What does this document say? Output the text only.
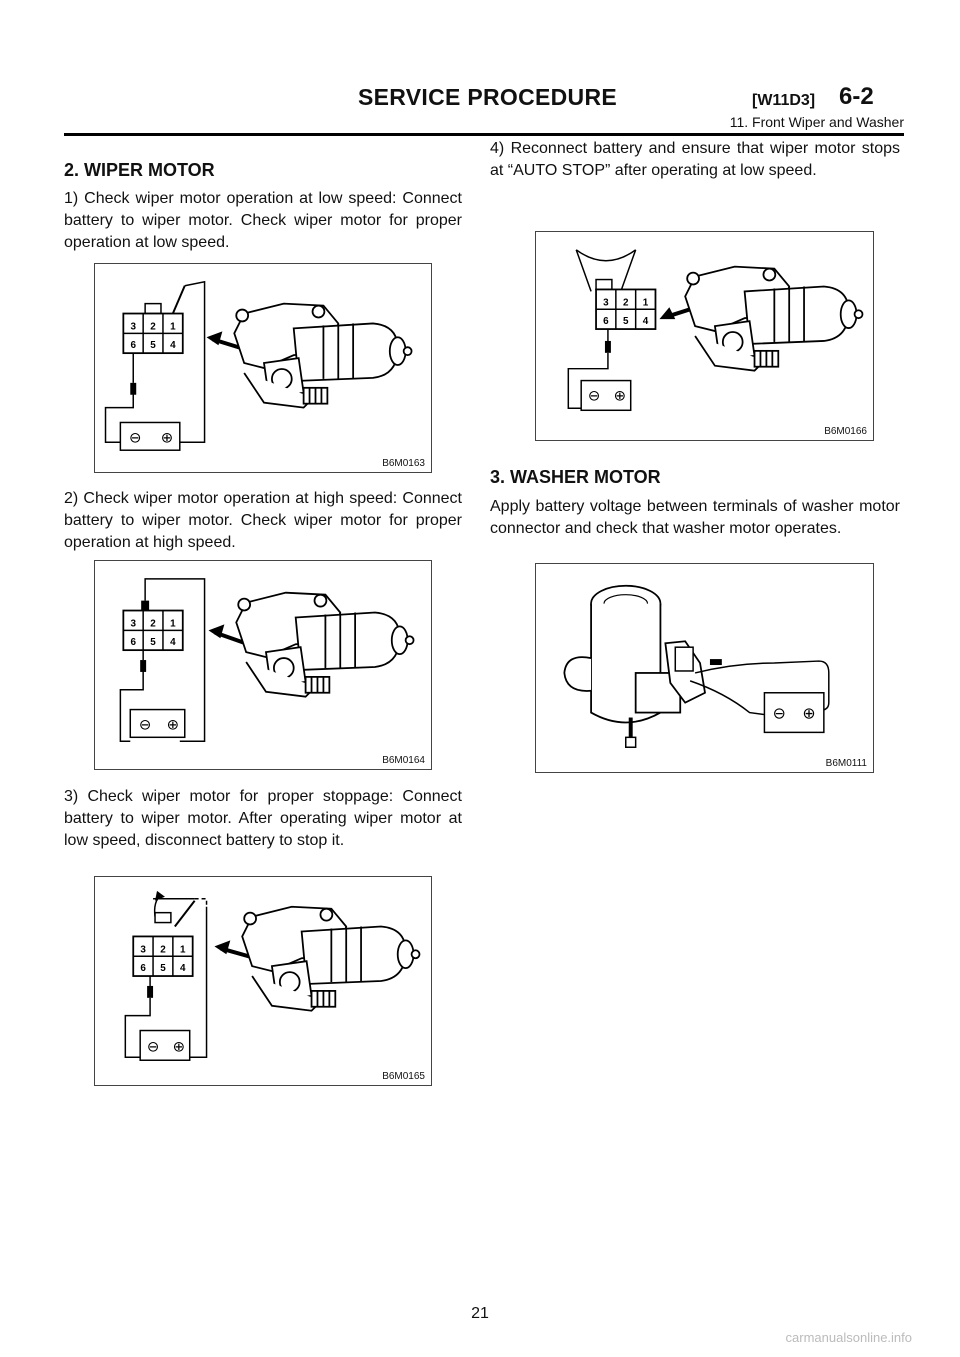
SERVICE PROCEDURE	[W11D3] 6-2
11. Front Wiper and Washer
2. WIPER MOTOR

1) Check wiper motor operation at low speed: Connect battery to wiper motor. Check wiper motor for proper operation at low speed.

3 2 1
6 5 4
⊖ ⊕
B6M0163

2) Check wiper motor operation at high speed: Connect battery to wiper motor. Check wiper motor for proper operation at high speed.

3 2 1
6 5 4
⊖ ⊕
B6M0164

3) Check wiper motor for proper stoppage: Connect battery to wiper motor. After operating wiper motor at low speed, disconnect battery to stop it.

3 2 1
6 5 4
⊖ ⊕
B6M0165

4) Reconnect battery and ensure that wiper motor stops at “AUTO STOP” after operating at low speed.

3 2 1
6 5 4
⊖ ⊕
B6M0166
3. WASHER MOTOR

Apply battery voltage between terminals of washer motor connector and check that washer motor operates.

⊖ ⊕
B6M0111
21
carmanualsonline.info
